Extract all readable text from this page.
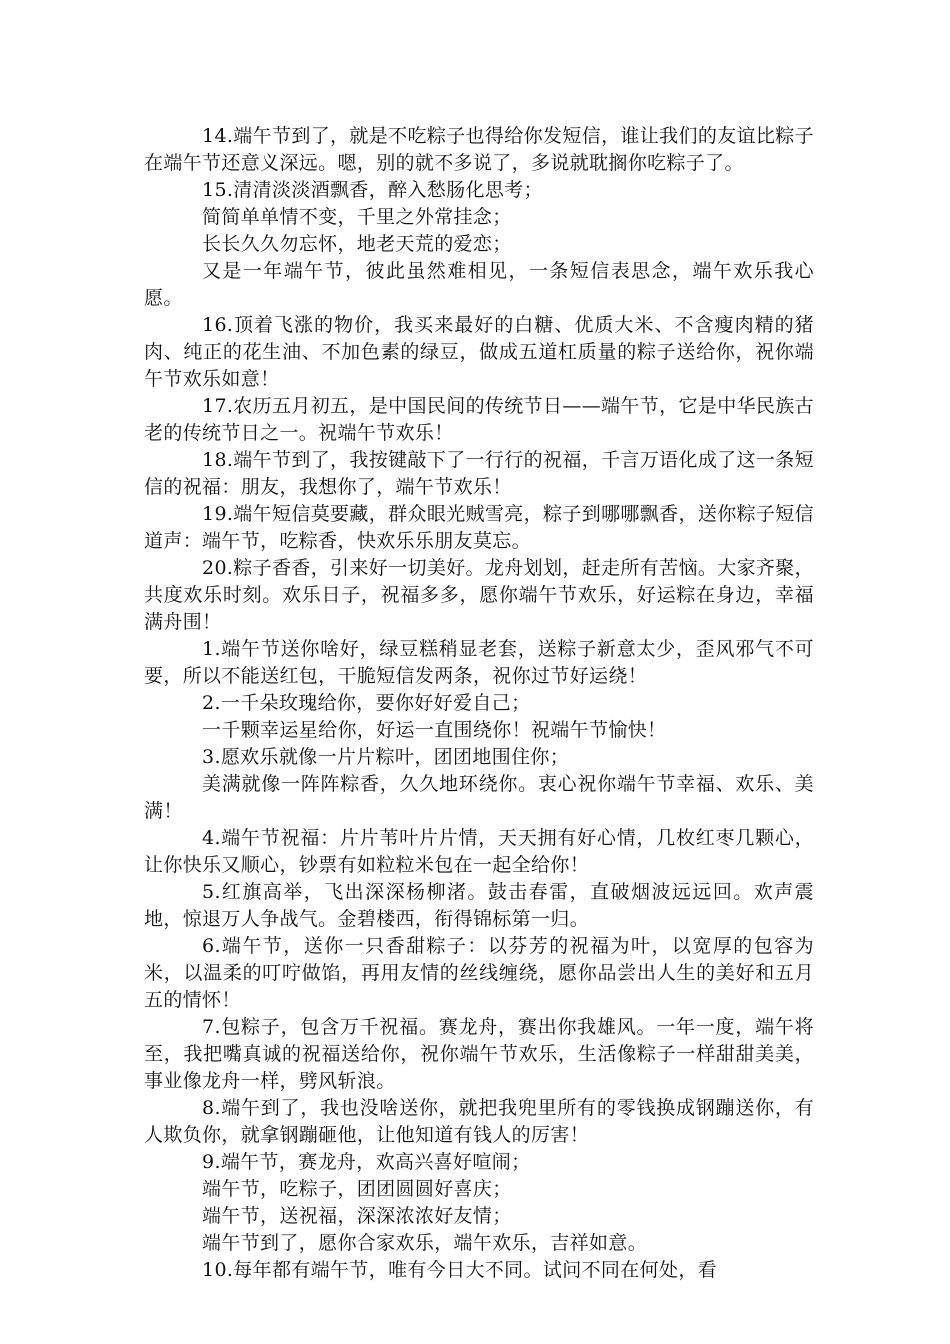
14.端午节到了，就是不吃粽子也得给你发短信，谁让我们的友谊比粽子在端午节还意义深远。嗯，别的就不多说了，多说就耽搁你吃粽子了。

15.清清淡淡酒飘香，醉入愁肠化思考；

简简单单情不变，千里之外常挂念；

长长久久勿忘怀，地老天荒的爱恋；

又是一年端午节，彼此虽然难相见，一条短信表思念，端午欢乐我心愿。

16.顶着飞涨的物价，我买来最好的白糖、优质大米、不含瘦肉精的猪肉、纯正的花生油、不加色素的绿豆，做成五道杠质量的粽子送给你，祝你端午节欢乐如意！

17.农历五月初五，是中国民间的传统节日——端午节，它是中华民族古老的传统节日之一。祝端午节欢乐！

18.端午节到了，我按键敲下了一行行的祝福，千言万语化成了这一条短信的祝福：朋友，我想你了，端午节欢乐！

19.端午短信莫要藏，群众眼光贼雪亮，粽子到哪哪飘香，送你粽子短信道声：端午节，吃粽香，快欢乐乐朋友莫忘。

20.粽子香香，引来好一切美好。龙舟划划，赶走所有苦恼。大家齐聚，共度欢乐时刻。欢乐日子，祝福多多，愿你端午节欢乐，好运粽在身边，幸福满舟围！

1.端午节送你啥好，绿豆糕稍显老套，送粽子新意太少，歪风邪气不可要，所以不能送红包，干脆短信发两条，祝你过节好运绕！

2.一千朵玫瑰给你，要你好好爱自己；

一千颗幸运星给你，好运一直围绕你！祝端午节愉快！

3.愿欢乐就像一片片粽叶，团团地围住你；

美满就像一阵阵粽香，久久地环绕你。衷心祝你端午节幸福、欢乐、美满！

4.端午节祝福：片片苇叶片片情，天天拥有好心情，几枚红枣几颗心，让你快乐又顺心，钞票有如粒粒米包在一起全给你！

5.红旗高举，飞出深深杨柳渚。鼓击春雷，直破烟波远远回。欢声震地，惊退万人争战气。金碧楼西，衔得锦标第一归。

6.端午节，送你一只香甜粽子：以芬芳的祝福为叶，以宽厚的包容为米，以温柔的叮咛做馅，再用友情的丝线缠绕，愿你品尝出人生的美好和五月五的情怀！

7.包粽子，包含万千祝福。赛龙舟，赛出你我雄风。一年一度，端午将至，我把嘴真诚的祝福送给你，祝你端午节欢乐，生活像粽子一样甜甜美美，事业像龙舟一样，劈风斩浪。

8.端午到了，我也没啥送你，就把我兜里所有的零钱换成钢蹦送你，有人欺负你，就拿钢蹦砸他，让他知道有钱人的厉害！

9.端午节，赛龙舟，欢高兴喜好喧闹；

端午节，吃粽子，团团圆圆好喜庆；

端午节，送祝福，深深浓浓好友情；

端午节到了，愿你合家欢乐，端午欢乐，吉祥如意。

10.每年都有端午节，唯有今日大不同。试问不同在何处，看
